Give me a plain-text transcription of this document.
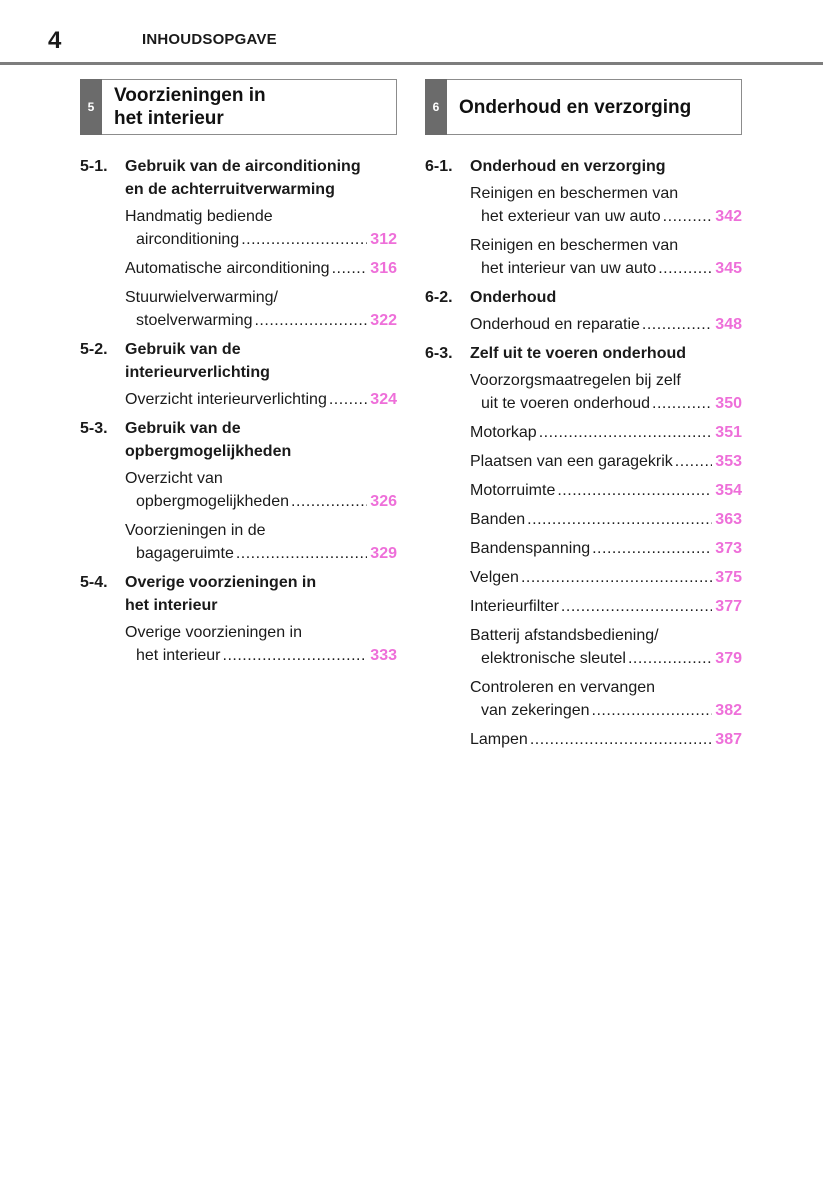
4	INHOUDSOPGAVE
5
Voorzieningen in
het interieur
5-1.	Gebruik van de airconditioning
en de achterruitverwarming
Handmatig bediende
airconditioning .....	312
Automatische airconditioning .....	316
Stuurwielverwarming/
stoelverwarming .....	322
5-2.	Gebruik van de
interieurverlichting
Overzicht interieurverlichting .....	324
5-3.	Gebruik van de
opbergmogelijkheden
Overzicht van
opbergmogelijkheden .....	326
Voorzieningen in de
bagageruimte .....	329
5-4.	Overige voorzieningen in
het interieur
Overige voorzieningen in
het interieur .....	333
6	Onderhoud en verzorging
6-1.	Onderhoud en verzorging
Reinigen en beschermen van
het exterieur van uw auto .....	342
Reinigen en beschermen van
het interieur van uw auto .....	345
6-2.	Onderhoud
Onderhoud en reparatie .....	348
6-3.	Zelf uit te voeren onderhoud
Voorzorgsmaatregelen bij zelf
uit te voeren onderhoud .....	350
Motorkap .....	351
Plaatsen van een garagekrik .....	353
Motorruimte .....	354
Banden .....	363
Bandenspanning .....	373
Velgen .....	375
Interieurfilter .....	377
Batterij afstandsbediening/
elektronische sleutel .....	379
Controleren en vervangen
van zekeringen .....	382
Lampen .....	387
